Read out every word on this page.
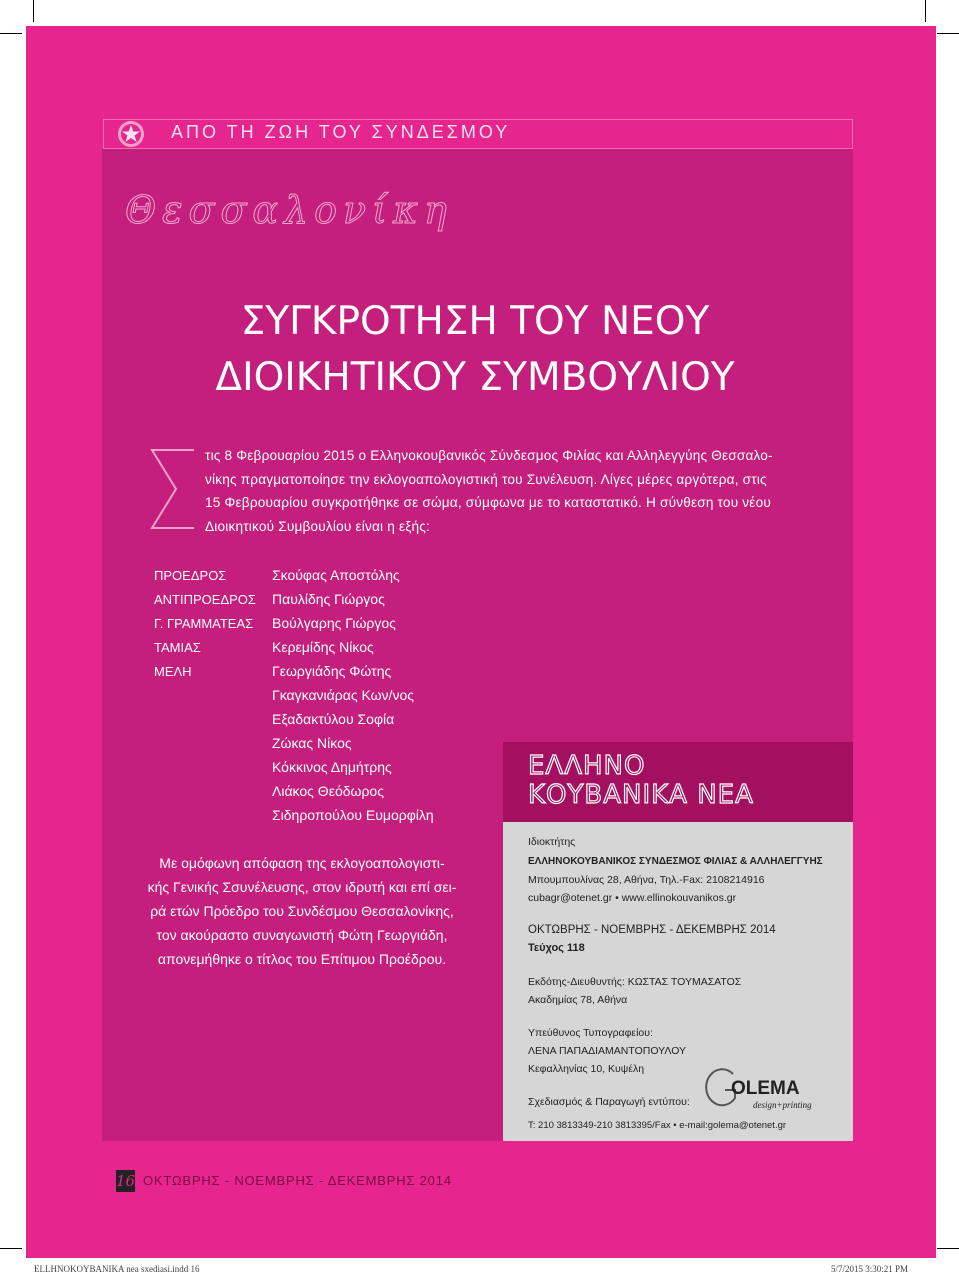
ΑΠΟ ΤΗ ΖΩΗ ΤΟΥ ΣΥΝΔΕΣΜΟΥ
Θεσσαλονίκη
ΣΥΓΚΡΟΤΗΣΗ ΤΟΥ ΝΕΟΥ
ΔΙΟΙΚΗΤΙΚΟΥ ΣΥΜΒΟΥΛΙΟΥ
τις 8 Φεβρουαρίου 2015 ο Ελληνοκουβανικός Σύνδεσμος Φιλίας και Αλληλεγγύης Θεσσαλο-
νίκης πραγματοποίησε την εκλογοαπολογιστική του Συνέλευση. Λίγες μέρες αργότερα, στις
15 Φεβρουαρίου συγκροτήθηκε σε σώμα, σύμφωνα με το καταστατικό. Η σύνθεση του νέου
Διοικητικού Συμβουλίου είναι η εξής:
ΠΡΟΕΔΡΟΣ	Σκούφας Αποστόλης
ΑΝΤΙΠΡΟΕΔΡΟΣ	Παυλίδης Γιώργος
Γ. ΓΡΑΜΜΑΤΕΑΣ	Βούλγαρης Γιώργος
ΤΑΜΙΑΣ	Κερεμίδης Νίκος
ΜΕΛΗ	Γεωργιάδης Φώτης
Γκαγκανιάρας Κων/νος
Εξαδακτύλου Σοφία
Ζώκας Νίκος
Κόκκινος Δημήτρης
Λιάκος Θεόδωρος
Σιδηροπούλου Ευμορφίλη
Με ομόφωνη απόφαση της εκλογοαπολογιστι-
κής Γενικής Σσυνέλευσης, στον ιδρυτή και επί σει-
ρά ετών Πρόεδρο του Συνδέσμου Θεσσαλονίκης,
τον ακούραστο συναγωνιστή Φώτη Γεωργιάδη,
απονεμήθηκε ο τίτλος του Επίτιμου Προέδρου.
ΕΛΛΗΝΟ
ΚΟΥΒΑΝΙΚΑ ΝΕΑ
Ιδιοκτήτης
ΕΛΛΗΝΟΚΟΥΒΑΝΙΚΟΣ ΣΥΝΔΕΣΜΟΣ ΦΙΛΙΑΣ & ΑΛΛΗΛΕΓΓΥΗΣ
Μπουμπουλίνας 28, Αθήνα, Τηλ.-Fax: 2108214916
cubagr@otenet.gr • www.ellinokouvanikos.gr
ΟΚΤΩΒΡΗΣ - ΝΟΕΜΒΡΗΣ - ΔΕΚΕΜΒΡΗΣ 2014
Τεύχος 118
Εκδότης-Διευθυντής: ΚΩΣΤΑΣ ΤΟΥΜΑΣΑΤΟΣ
Ακαδημίας 78, Αθήνα
Υπεύθυνος Τυπογραφείου:
ΛΕΝΑ ΠΑΠΑΔΙΑΜΑΝΤΟΠΟΥΛΟΥ
Κεφαλληνίας 10, Κυψέλη
Σχεδιασμός & Παραγωγή εντύπου:
Τ: 210 3813349-210 3813395/Fax • e-mail:golema@otenet.gr
OLEMA
design+printing
16 ΟΚΤΩΒΡΗΣ - ΝΟΕΜΒΡΗΣ - ΔΕΚΕΜΒΡΗΣ 2014
ELLHNOKOYBANIKA nea sxediasi.indd 16	5/7/2015 3:30:21 PM
